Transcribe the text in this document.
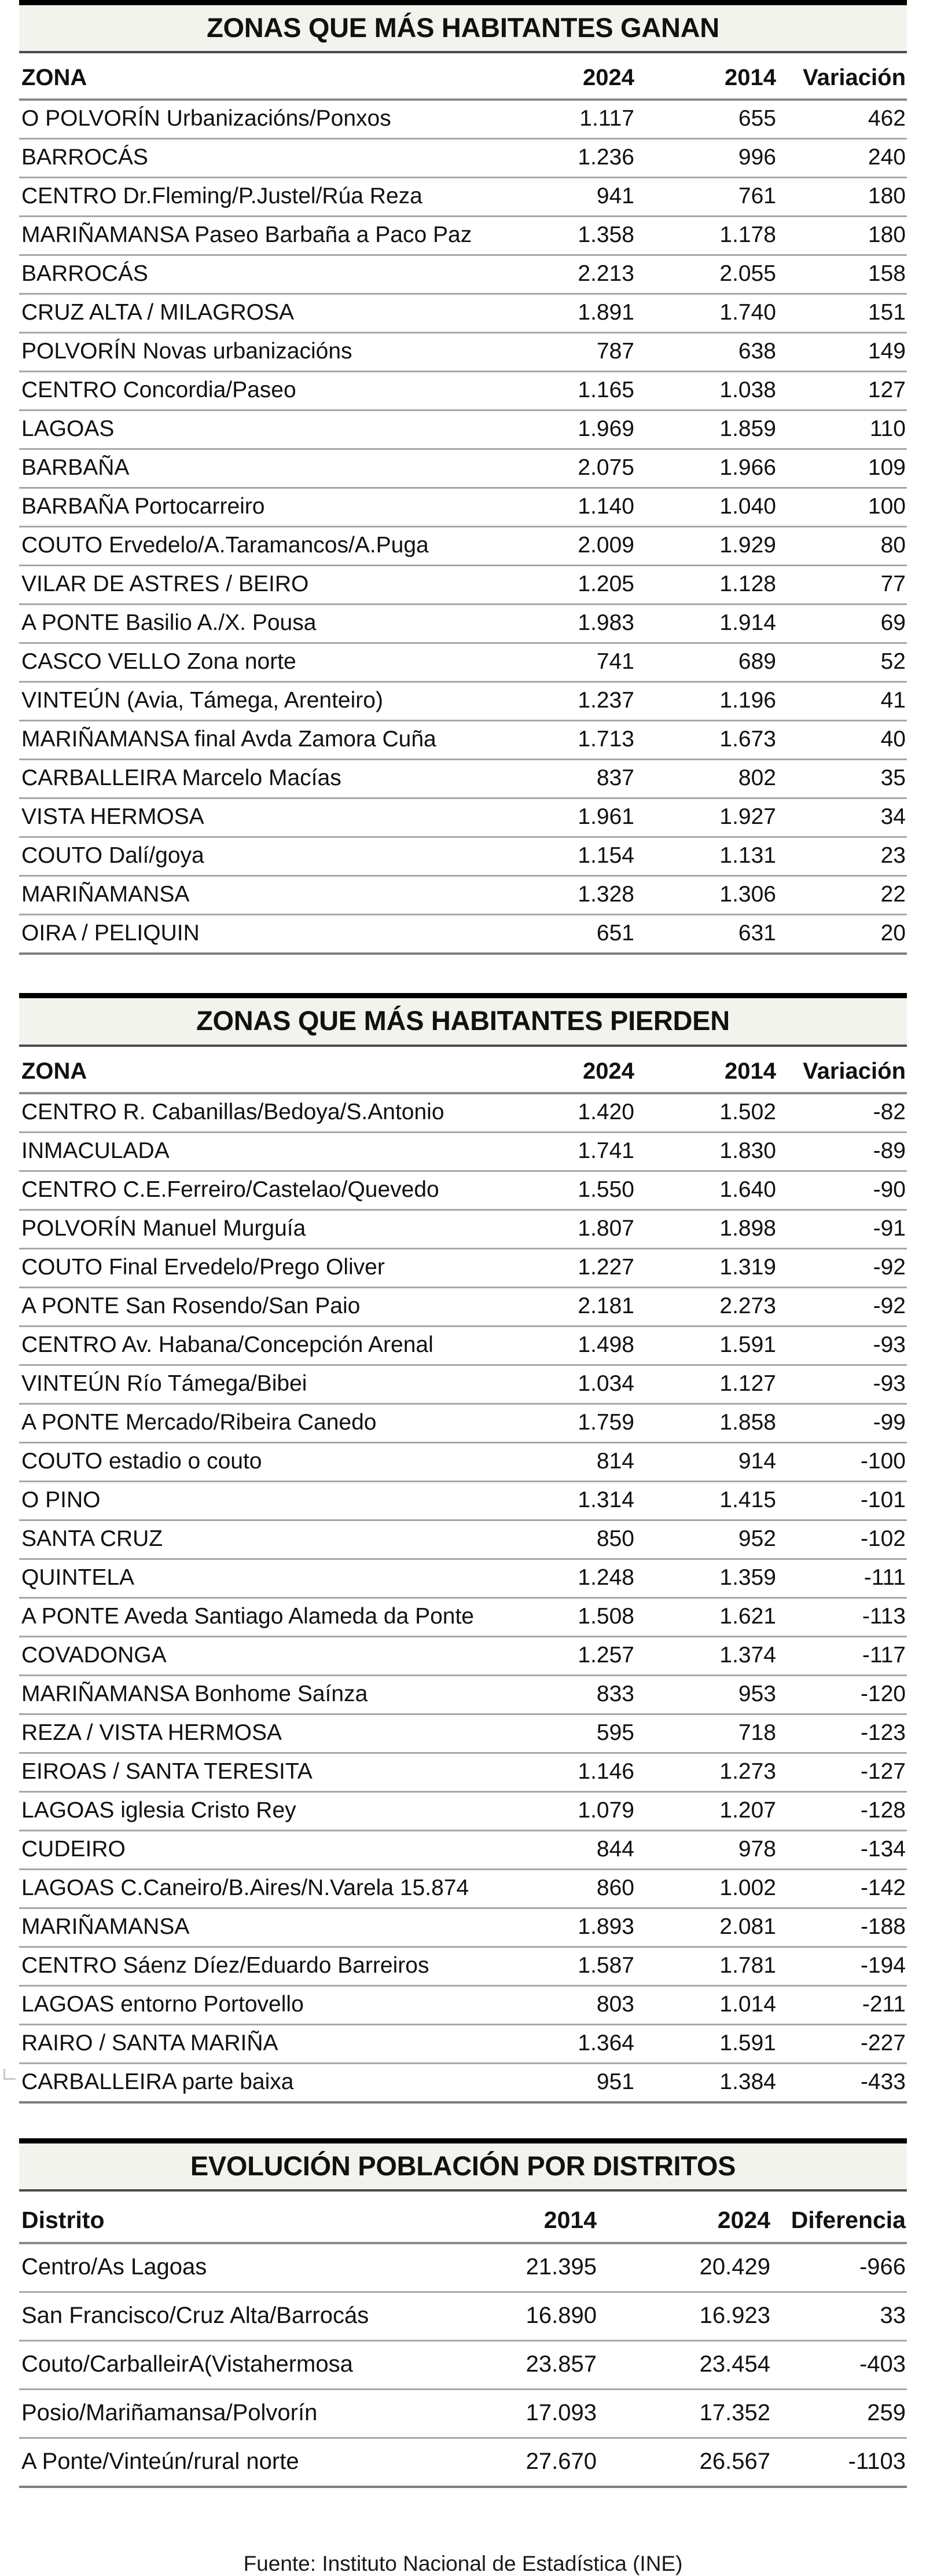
ZONAS QUE MÁS HABITANTES GANAN
ZONA	2024	2014	Variación
O POLVORÍN Urbanizacións/Ponxos	1.117	655	462
BARROCÁS	1.236	996	240
CENTRO Dr.Fleming/P.Justel/Rúa Reza	941	761	180
MARIÑAMANSA Paseo Barbaña a Paco Paz	1.358	1.178	180
BARROCÁS	2.213	2.055	158
CRUZ ALTA / MILAGROSA	1.891	1.740	151
POLVORÍN Novas urbanizacións	787	638	149
CENTRO Concordia/Paseo	1.165	1.038	127
LAGOAS	1.969	1.859	110
BARBAÑA	2.075	1.966	109
BARBAÑA Portocarreiro	1.140	1.040	100
COUTO Ervedelo/A.Taramancos/A.Puga	2.009	1.929	80
VILAR DE ASTRES / BEIRO	1.205	1.128	77
A PONTE Basilio A./X. Pousa	1.983	1.914	69
CASCO VELLO Zona norte	741	689	52
VINTEÚN (Avia, Támega, Arenteiro)	1.237	1.196	41
MARIÑAMANSA final Avda Zamora Cuña	1.713	1.673	40
CARBALLEIRA Marcelo Macías	837	802	35
VISTA HERMOSA	1.961	1.927	34
COUTO Dalí/goya	1.154	1.131	23
MARIÑAMANSA	1.328	1.306	22
OIRA / PELIQUIN	651	631	20
ZONAS QUE MÁS HABITANTES PIERDEN
ZONA	2024	2014	Variación
CENTRO R. Cabanillas/Bedoya/S.Antonio	1.420	1.502	-82
INMACULADA	1.741	1.830	-89
CENTRO C.E.Ferreiro/Castelao/Quevedo	1.550	1.640	-90
POLVORÍN Manuel Murguía	1.807	1.898	-91
COUTO Final Ervedelo/Prego Oliver	1.227	1.319	-92
A PONTE San Rosendo/San Paio	2.181	2.273	-92
CENTRO Av. Habana/Concepción Arenal	1.498	1.591	-93
VINTEÚN Río Támega/Bibei	1.034	1.127	-93
A PONTE Mercado/Ribeira Canedo	1.759	1.858	-99
COUTO estadio o couto	814	914	-100
O PINO	1.314	1.415	-101
SANTA CRUZ	850	952	-102
QUINTELA	1.248	1.359	-111
A PONTE Aveda Santiago Alameda da Ponte	1.508	1.621	-113
COVADONGA	1.257	1.374	-117
MARIÑAMANSA Bonhome Saínza	833	953	-120
REZA / VISTA HERMOSA	595	718	-123
EIROAS / SANTA TERESITA	1.146	1.273	-127
LAGOAS iglesia Cristo Rey	1.079	1.207	-128
CUDEIRO	844	978	-134
LAGOAS C.Caneiro/B.Aires/N.Varela 15.874	860	1.002	-142
MARIÑAMANSA	1.893	2.081	-188
CENTRO Sáenz Díez/Eduardo Barreiros	1.587	1.781	-194
LAGOAS entorno Portovello	803	1.014	-211
RAIRO / SANTA MARIÑA	1.364	1.591	-227
CARBALLEIRA parte baixa	951	1.384	-433
EVOLUCIÓN POBLACIÓN POR DISTRITOS
Distrito	2014	2024	Diferencia
Centro/As Lagoas	21.395	20.429	-966
San Francisco/Cruz Alta/Barrocás	16.890	16.923	33
Couto/CarballeirA(Vistahermosa	23.857	23.454	-403
Posio/Mariñamansa/Polvorín	17.093	17.352	259
A Ponte/Vinteún/rural norte	27.670	26.567	-1103
Fuente: Instituto Nacional de Estadística (INE)
